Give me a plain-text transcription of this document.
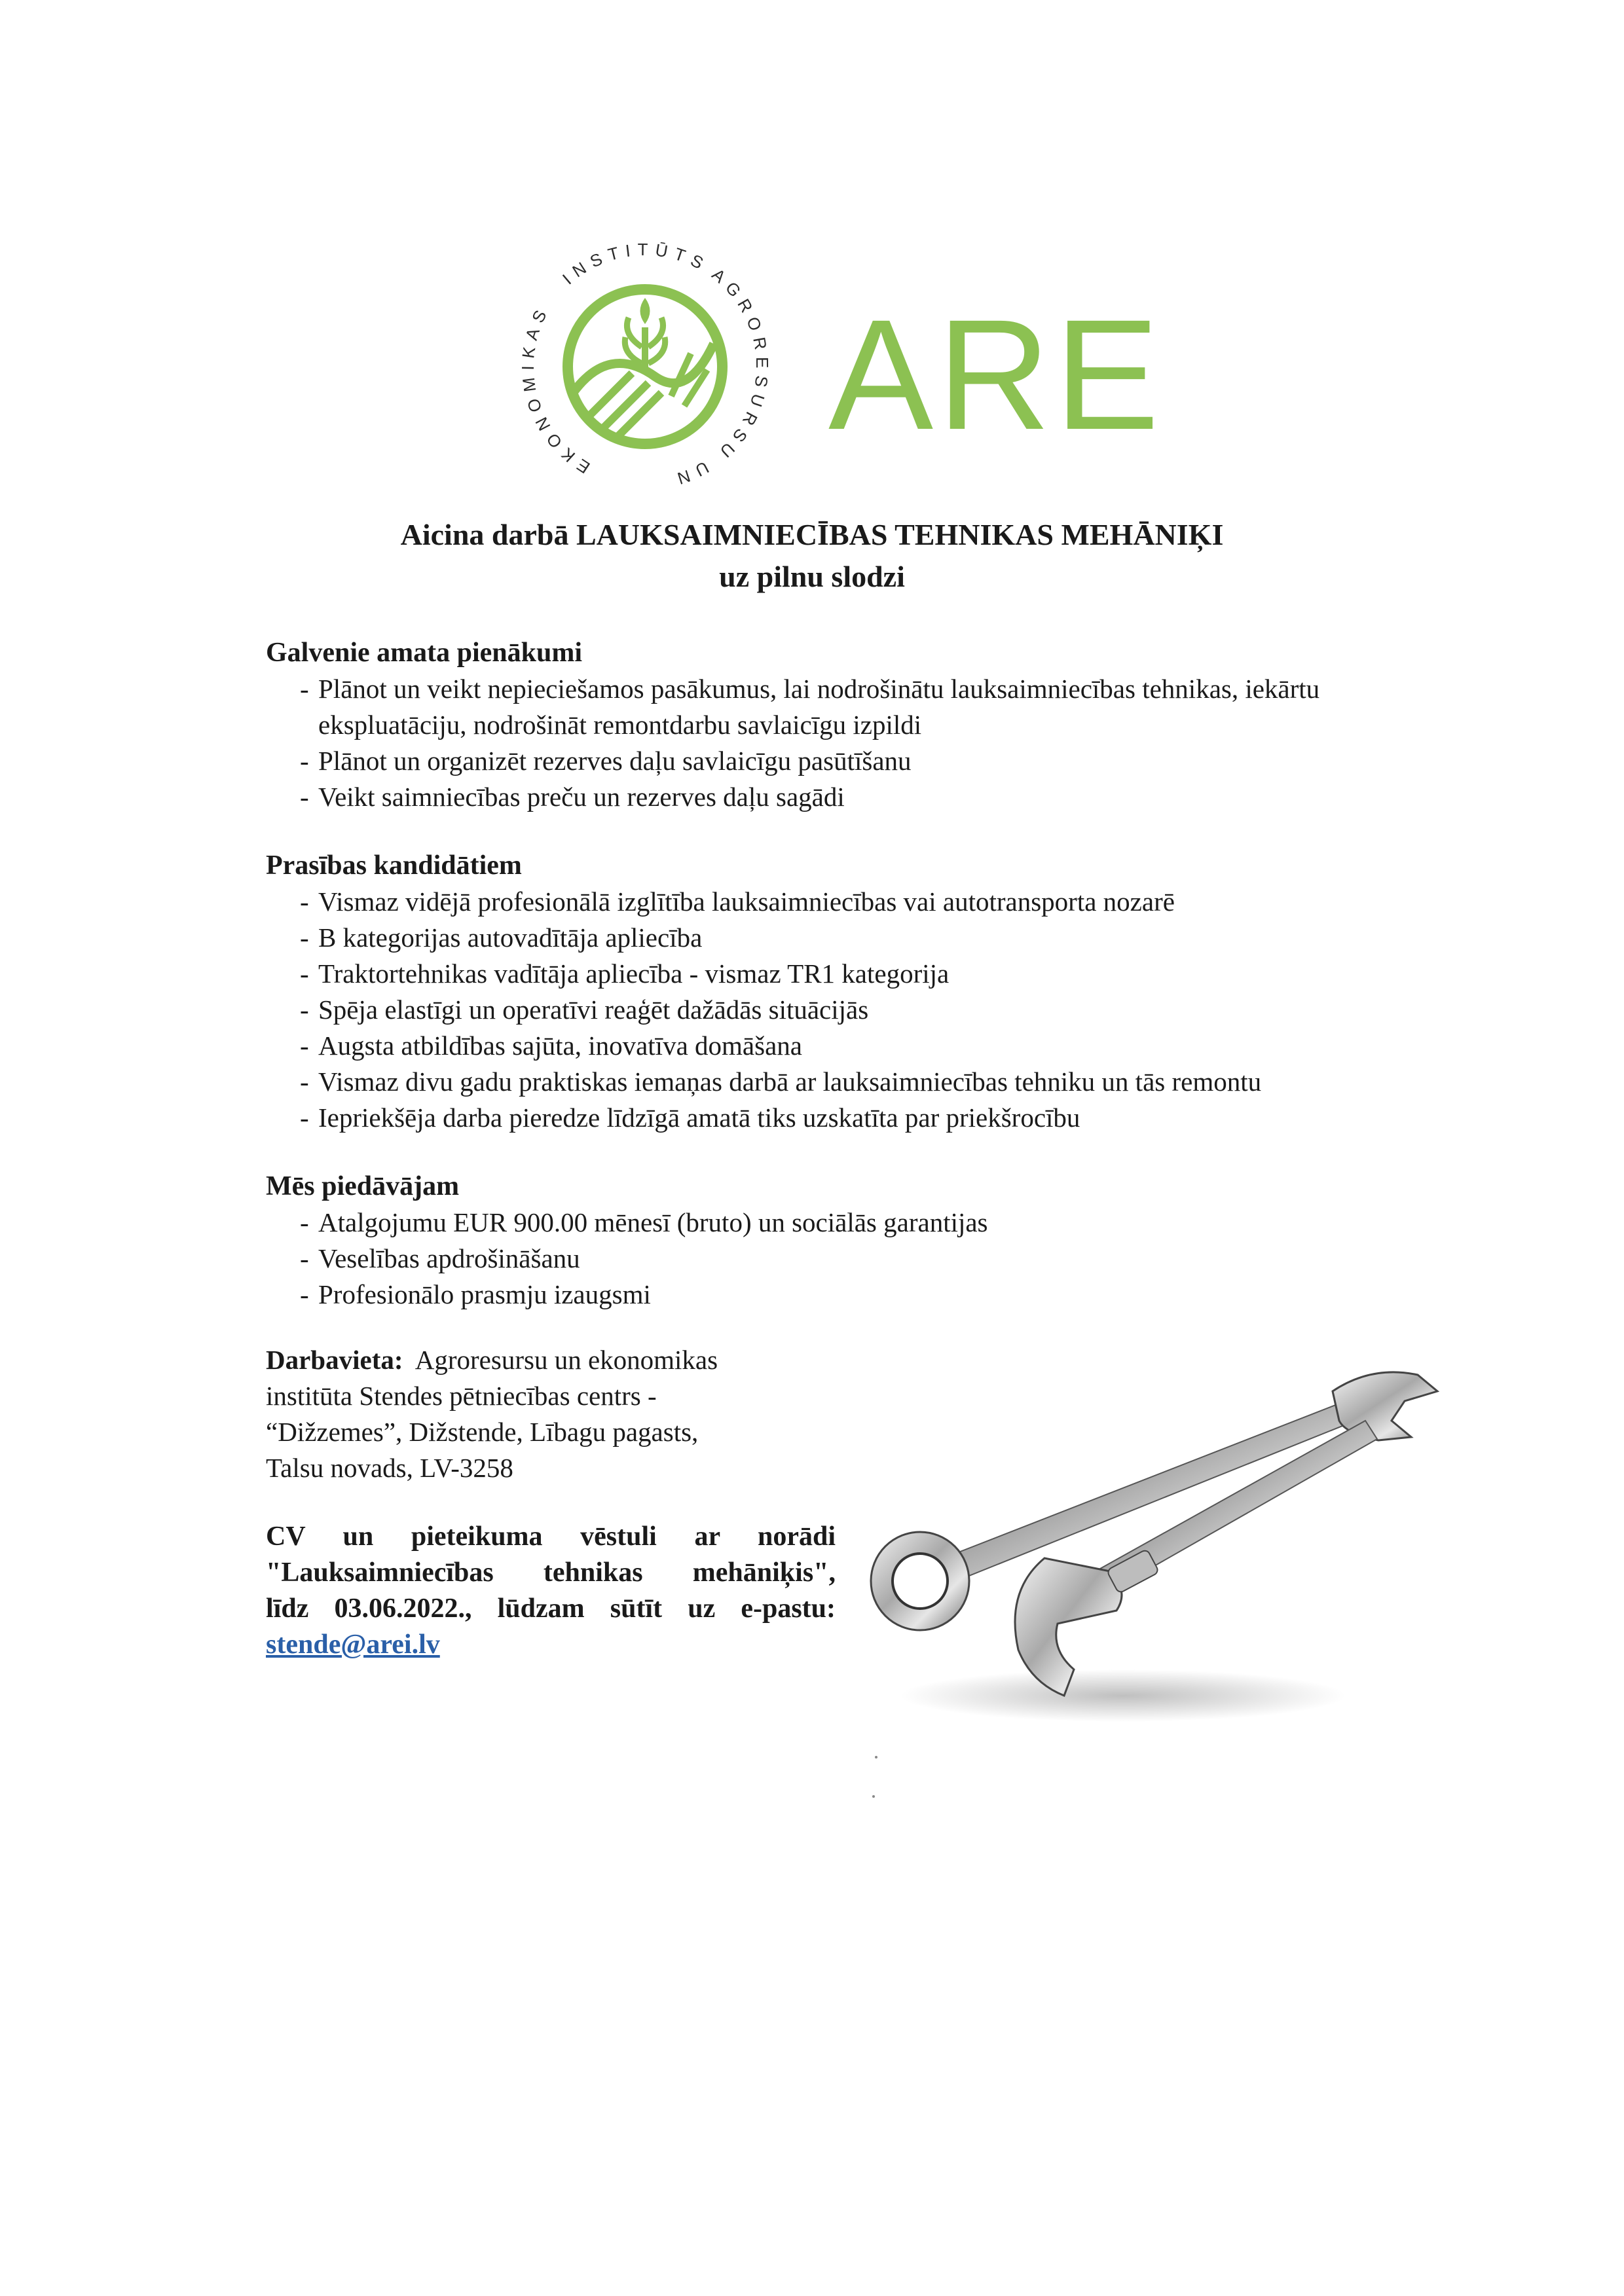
EKONOMIKAS
INSTITŪTS
AGRORESURSU UN
ARE
Aicina darbā LAUKSAIMNIECĪBAS TEHNIKAS MEHĀNIĶI
uz pilnu slodzi
Galvenie amata pienākumi
- Plānot un veikt nepieciešamos pasākumus, lai nodrošinātu lauksaimniecības tehnikas, iekārtu ekspluatāciju, nodrošināt remontdarbu savlaicīgu izpildi
- Plānot un organizēt rezerves daļu savlaicīgu pasūtīšanu
- Veikt saimniecības preču un rezerves daļu sagādi
Prasības kandidātiem
- Vismaz vidējā profesionālā izglītība lauksaimniecības vai autotransporta nozarē
- B kategorijas autovadītāja apliecība
- Traktortehnikas vadītāja apliecība - vismaz TR1 kategorija
- Spēja elastīgi un operatīvi reaģēt dažādās situācijās
- Augsta atbildības sajūta, inovatīva domāšana
- Vismaz divu gadu praktiskas iemaņas darbā ar lauksaimniecības tehniku un tās remontu
- Iepriekšēja darba pieredze līdzīgā amatā tiks uzskatīta par priekšrocību
Mēs piedāvājam
- Atalgojumu EUR 900.00 mēnesī (bruto) un sociālās garantijas
- Veselības apdrošināšanu
- Profesionālo prasmju izaugsmi
Darbavieta: Agroresursu un ekonomikas
institūta Stendes pētniecības centrs -
“Dižzemes”, Dižstende, Lībagu pagasts,
Talsu novads, LV-3258
CV un pieteikuma vēstuli ar norādi
"Lauksaimniecības tehnikas mehāniķis",
līdz 03.06.2022., lūdzam sūtīt uz e-pastu:
stende@arei.lv
